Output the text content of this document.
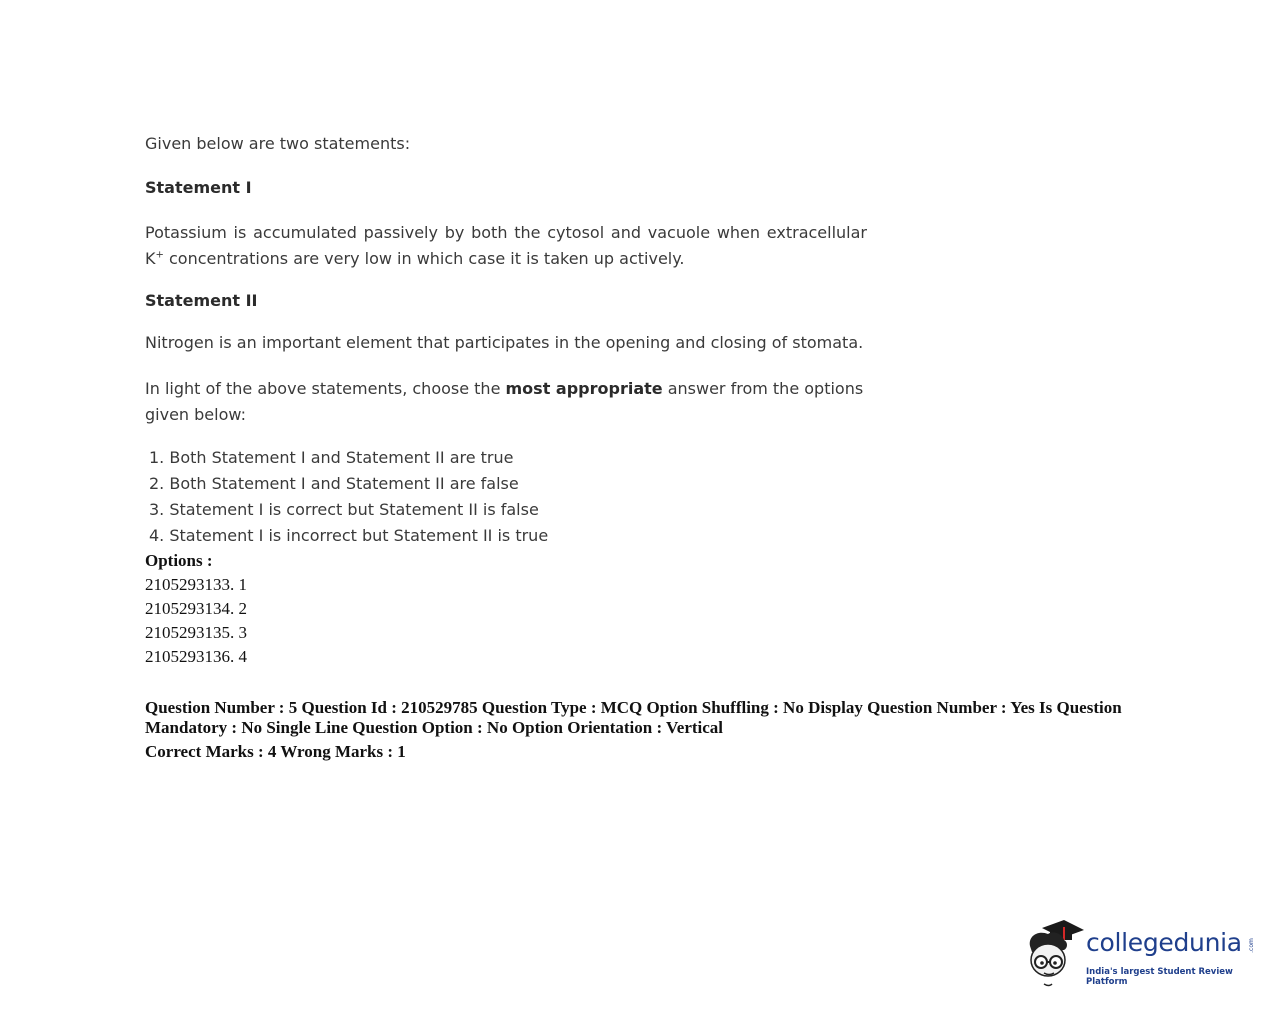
Given below are two statements:

Statement I

Potassium is accumulated passively by both the cytosol and vacuole when extracellular K+ concentrations are very low in which case it is taken up actively.

Statement II

Nitrogen is an important element that participates in the opening and closing of stomata.

In light of the above statements, choose the most appropriate answer from the options given below:

1. Both Statement I and Statement II are true
2. Both Statement I and Statement II are false
3. Statement I is correct but Statement II is false
4. Statement I is incorrect but Statement II is true
Options :
2105293133. 1
2105293134. 2
2105293135. 3
2105293136. 4
Question Number : 5 Question Id : 210529785 Question Type : MCQ Option Shuffling : No Display Question Number : Yes Is Question Mandatory : No Single Line Question Option : No Option Orientation : Vertical
Correct Marks : 4 Wrong Marks : 1
collegedunia .com
India's largest Student Review Platform
